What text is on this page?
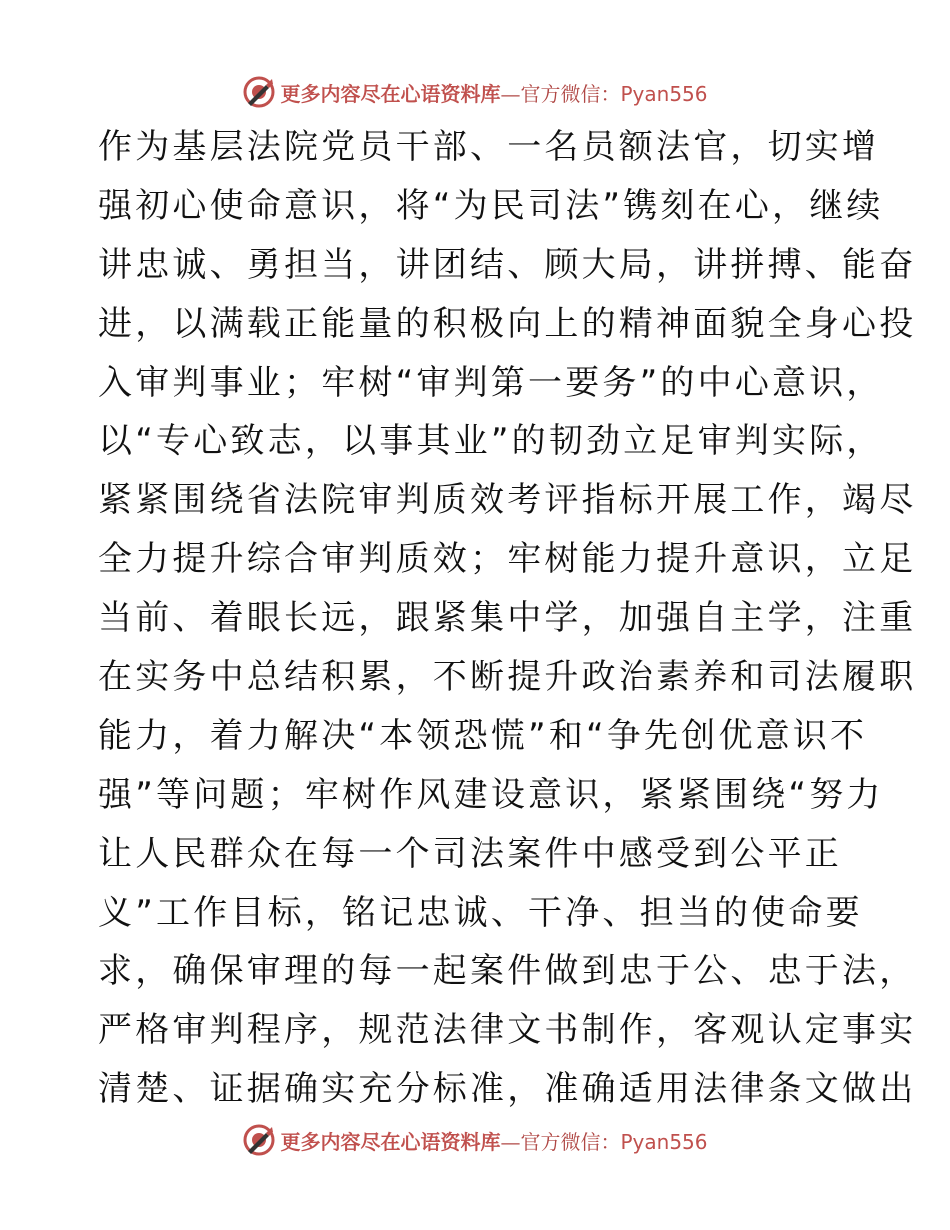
更多内容尽在心语资料库—官方微信：Pyan556
作为基层法院党员干部、一名员额法官，切实增
强初心使命意识，将“为民司法”镌刻在心，继续
讲忠诚、勇担当，讲团结、顾大局，讲拼搏、能奋
进，以满载正能量的积极向上的精神面貌全身心投
入审判事业；牢树“审判第一要务”的中心意识，
以“专心致志，以事其业”的韧劲立足审判实际，
紧紧围绕省法院审判质效考评指标开展工作，竭尽
全力提升综合审判质效；牢树能力提升意识，立足
当前、着眼长远，跟紧集中学，加强自主学，注重
在实务中总结积累，不断提升政治素养和司法履职
能力，着力解决“本领恐慌”和“争先创优意识不
强”等问题；牢树作风建设意识，紧紧围绕“努力
让人民群众在每一个司法案件中感受到公平正
义”工作目标，铭记忠诚、干净、担当的使命要
求，确保审理的每一起案件做到忠于公、忠于法，
严格审判程序，规范法律文书制作，客观认定事实
清楚、证据确实充分标准，准确适用法律条文做出
更多内容尽在心语资料库—官方微信：Pyan556
